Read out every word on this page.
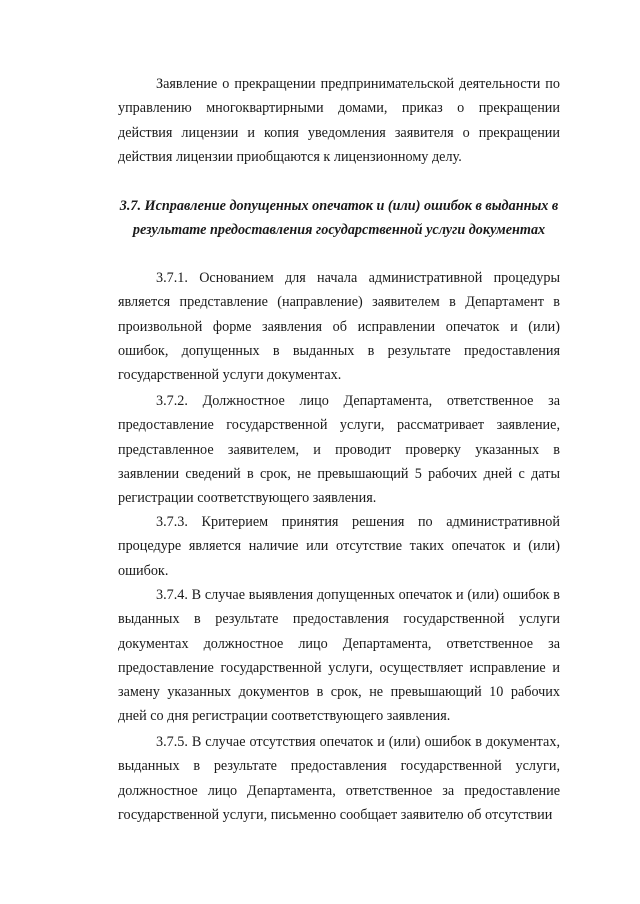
Заявление о прекращении предпринимательской деятельности по управлению многоквартирными домами, приказ о прекращении действия лицензии и копия уведомления заявителя о прекращении действия лицензии приобщаются к лицензионному делу.

3.7. Исправление допущенных опечаток и (или) ошибок в выданных в результате предоставления государственной услуги документах

3.7.1. Основанием для начала административной процедуры является представление (направление) заявителем в Департамент в произвольной форме заявления об исправлении опечаток и (или) ошибок, допущенных в выданных в результате предоставления государственной услуги документах.

3.7.2. Должностное лицо Департамента, ответственное за предоставление государственной услуги, рассматривает заявление, представленное заявителем, и проводит проверку указанных в заявлении сведений в срок, не превышающий 5 рабочих дней с даты регистрации соответствующего заявления.

3.7.3. Критерием принятия решения по административной процедуре является наличие или отсутствие таких опечаток и (или) ошибок.

3.7.4. В случае выявления допущенных опечаток и (или) ошибок в выданных в результате предоставления государственной услуги документах должностное лицо Департамента, ответственное за предоставление государственной услуги, осуществляет исправление и замену указанных документов в срок, не превышающий 10 рабочих дней со дня регистрации соответствующего заявления.

3.7.5. В случае отсутствия опечаток и (или) ошибок в документах, выданных в результате предоставления государственной услуги, должностное лицо Департамента, ответственное за предоставление государственной услуги, письменно сообщает заявителю об отсутствии
